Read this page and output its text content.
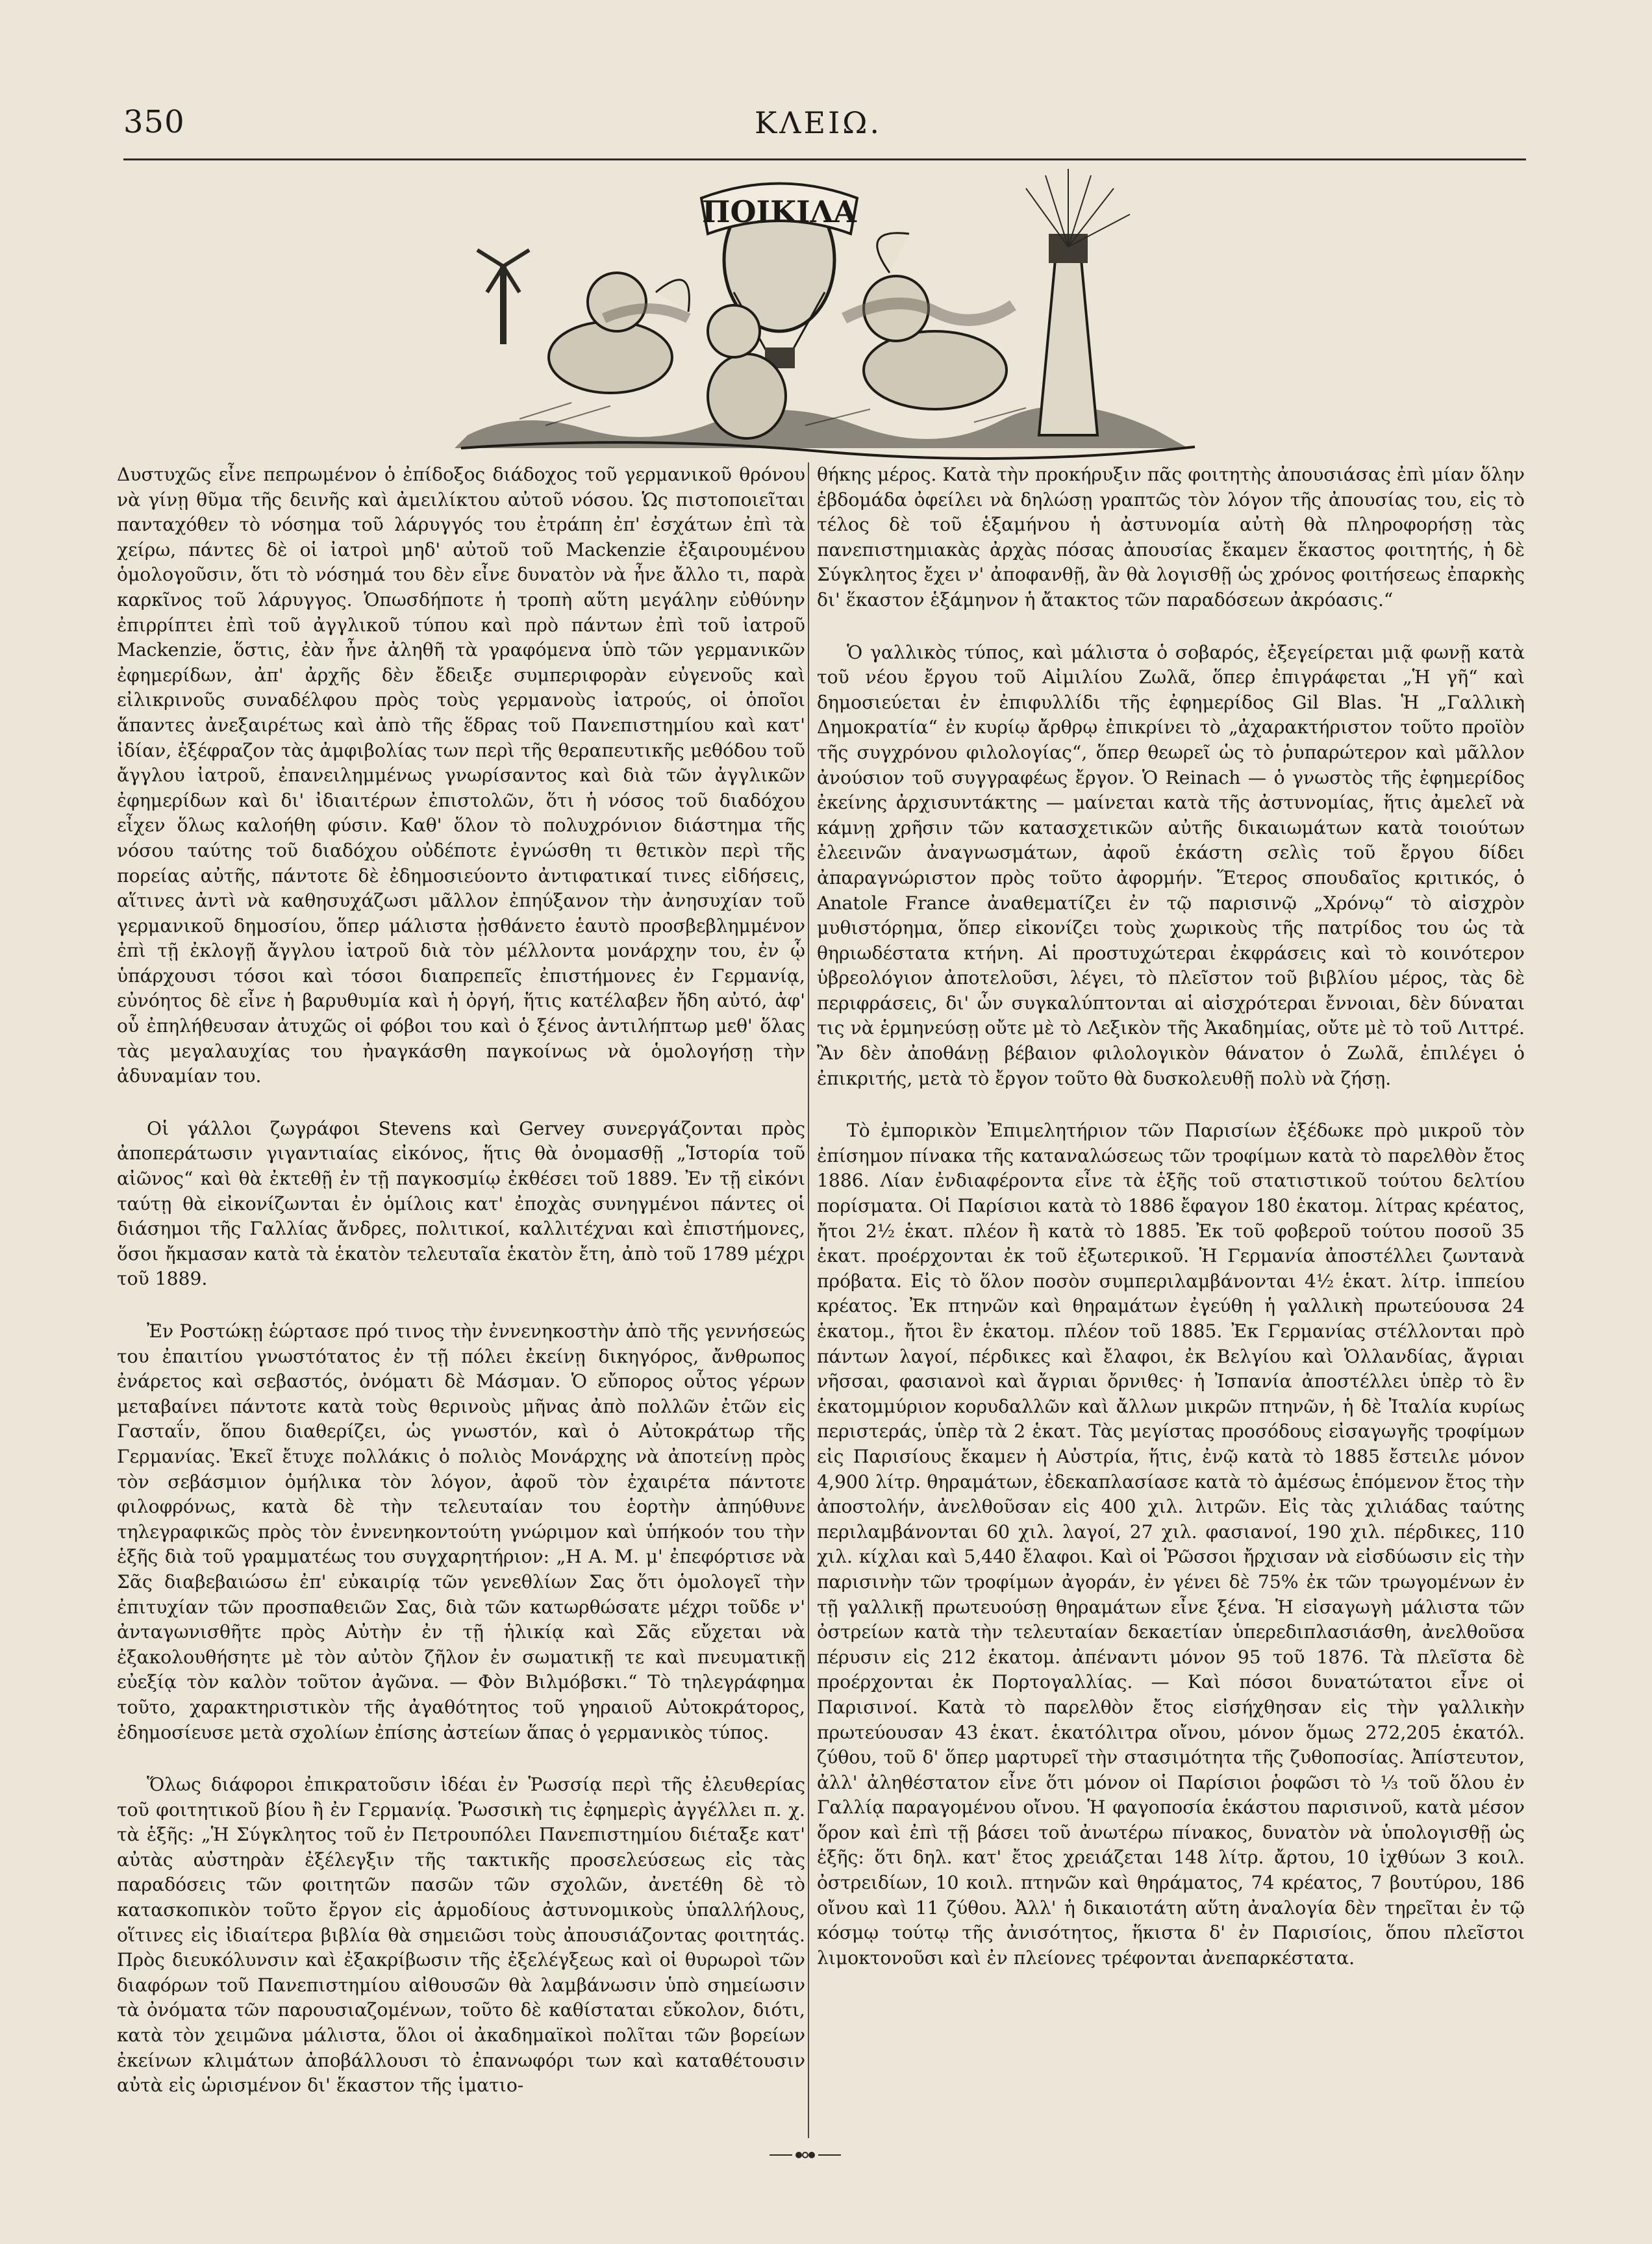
350	ΚΛΕΙΩ.
ΠΟΙΚΙΛΑ

Δυστυχῶς εἶνε πεπρωμένον ὁ ἐπίδοξος διάδοχος τοῦ γερμανικοῦ θρόνου νὰ γίνῃ θῦμα τῆς δεινῆς καὶ ἀμειλίκτου αὐτοῦ νόσου. Ὡς πιστοποιεῖται πανταχόθεν τὸ νόσημα τοῦ λάρυγγός του ἐτράπη ἐπ' ἐσχάτων ἐπὶ τὰ χείρω, πάντες δὲ οἱ ἰατροὶ μηδ' αὐτοῦ τοῦ Mackenzie ἐξαιρουμένου ὁμολογοῦσιν, ὅτι τὸ νόσημά του δὲν εἶνε δυνατὸν νὰ ἦνε ἄλλο τι, παρὰ καρκῖνος τοῦ λάρυγγος. Ὁπωσδήποτε ἡ τροπὴ αὕτη μεγάλην εὐθύνην ἐπιρρίπτει ἐπὶ τοῦ ἀγγλικοῦ τύπου καὶ πρὸ πάντων ἐπὶ τοῦ ἰατροῦ Mackenzie, ὅστις, ἐὰν ἦνε ἀληθῆ τὰ γραφόμενα ὑπὸ τῶν γερμανικῶν ἐφημερίδων, ἀπ' ἀρχῆς δὲν ἔδειξε συμπεριφορὰν εὐγενοῦς καὶ εἰλικρινοῦς συναδέλφου πρὸς τοὺς γερμανοὺς ἰατρούς, οἱ ὁποῖοι ἅπαντες ἀνεξαιρέτως καὶ ἀπὸ τῆς ἕδρας τοῦ Πανεπιστημίου καὶ κατ' ἰδίαν, ἐξέφραζον τὰς ἀμφιβολίας των περὶ τῆς θεραπευτικῆς μεθόδου τοῦ ἄγγλου ἰατροῦ, ἐπανειλημμένως γνωρίσαντος καὶ διὰ τῶν ἀγγλικῶν ἐφημερίδων καὶ δι' ἰδιαιτέρων ἐπιστολῶν, ὅτι ἡ νόσος τοῦ διαδόχου εἶχεν ὅλως καλοήθη φύσιν. Καθ' ὅλον τὸ πολυχρόνιον διάστημα τῆς νόσου ταύτης τοῦ διαδόχου οὐδέποτε ἐγνώσθη τι θετικὸν περὶ τῆς πορείας αὐτῆς, πάντοτε δὲ ἐδημοσιεύοντο ἀντιφατικαί τινες εἰδήσεις, αἵτινες ἀντὶ νὰ καθησυχάζωσι μᾶλλον ἐπηύξανον τὴν ἀνησυχίαν τοῦ γερμανικοῦ δημοσίου, ὅπερ μάλιστα ᾐσθάνετο ἑαυτὸ προσβεβλημμένον ἐπὶ τῇ ἐκλογῇ ἄγγλου ἰατροῦ διὰ τὸν μέλλοντα μονάρχην του, ἐν ᾧ ὑπάρχουσι τόσοι καὶ τόσοι διαπρεπεῖς ἐπιστήμονες ἐν Γερμανίᾳ, εὐνόητος δὲ εἶνε ἡ βαρυθυμία καὶ ἡ ὀργή, ἥτις κατέλαβεν ἤδη αὐτό, ἀφ' οὗ ἐπηλήθευσαν ἀτυχῶς οἱ φόβοι του καὶ ὁ ξένος ἀντιλήπτωρ μεθ' ὅλας τὰς μεγαλαυχίας του ἠναγκάσθη παγκοίνως νὰ ὁμολογήσῃ τὴν ἀδυναμίαν του.

Οἱ γάλλοι ζωγράφοι Stevens καὶ Gervey συνεργάζονται πρὸς ἀποπεράτωσιν γιγαντιαίας εἰκόνος, ἥτις θὰ ὀνομασθῇ „Ἱστορία τοῦ αἰῶνος“ καὶ θὰ ἐκτεθῇ ἐν τῇ παγκοσμίῳ ἐκθέσει τοῦ 1889. Ἐν τῇ εἰκόνι ταύτῃ θὰ εἰκονίζωνται ἐν ὁμίλοις κατ' ἐποχὰς συνηγμένοι πάντες οἱ διάσημοι τῆς Γαλλίας ἄνδρες, πολιτικοί, καλλιτέχναι καὶ ἐπιστήμονες, ὅσοι ἤκμασαν κατὰ τὰ ἑκατὸν τελευταῖα ἑκατὸν ἔτη, ἀπὸ τοῦ 1789 μέχρι τοῦ 1889.

Ἐν Ροστώκῃ ἑώρτασε πρό τινος τὴν ἐννενηκοστὴν ἀπὸ τῆς γεννήσεώς του ἐπαιτίου γνωστότατος ἐν τῇ πόλει ἐκείνῃ δικηγόρος, ἄνθρωπος ἐνάρετος καὶ σεβαστός, ὀνόματι δὲ Μάσμαν. Ὁ εὔπορος οὗτος γέρων μεταβαίνει πάντοτε κατὰ τοὺς θερινοὺς μῆνας ἀπὸ πολλῶν ἐτῶν εἰς Γασταΐν, ὅπου διαθερίζει, ὡς γνωστόν, καὶ ὁ Αὐτοκράτωρ τῆς Γερμανίας. Ἐκεῖ ἔτυχε πολλάκις ὁ πολιὸς Μονάρχης νὰ ἀποτείνῃ πρὸς τὸν σεβάσμιον ὁμήλικα τὸν λόγον, ἀφοῦ τὸν ἐχαιρέτα πάντοτε φιλοφρόνως, κατὰ δὲ τὴν τελευταίαν του ἑορτὴν ἀπηύθυνε τηλεγραφικῶς πρὸς τὸν ἐννενηκοντούτη γνώριμον καὶ ὑπήκοόν του τὴν ἑξῆς διὰ τοῦ γραμματέως του συγχαρητήριον: „Η Α. Μ. μ' ἐπεφόρτισε νὰ Σᾶς διαβεβαιώσω ἐπ' εὐκαιρίᾳ τῶν γενεθλίων Σας ὅτι ὁμολογεῖ τὴν ἐπιτυχίαν τῶν προσπαθειῶν Σας, διὰ τῶν κατωρθώσατε μέχρι τοῦδε ν' ἀνταγωνισθῆτε πρὸς Αὐτὴν ἐν τῇ ἡλικίᾳ καὶ Σᾶς εὔχεται νὰ ἐξακολουθήσητε μὲ τὸν αὐτὸν ζῆλον ἐν σωματικῇ τε καὶ πνευματικῇ εὐεξίᾳ τὸν καλὸν τοῦτον ἀγῶνα. — Φὸν Βιλμόβσκι.“ Τὸ τηλεγράφημα τοῦτο, χαρακτηριστικὸν τῆς ἀγαθότητος τοῦ γηραιοῦ Αὐτοκράτορος, ἐδημοσίευσε μετὰ σχολίων ἐπίσης ἀστείων ἅπας ὁ γερμανικὸς τύπος.

Ὅλως διάφοροι ἐπικρατοῦσιν ἰδέαι ἐν Ῥωσσίᾳ περὶ τῆς ἐλευθερίας τοῦ φοιτητικοῦ βίου ἢ ἐν Γερμανίᾳ. Ῥωσσικὴ τις ἐφημερὶς ἀγγέλλει π. χ. τὰ ἑξῆς: „Ἡ Σύγκλητος τοῦ ἐν Πετρουπόλει Πανεπιστημίου διέταξε κατ' αὐτὰς αὐστηρὰν ἐξέλεγξιν τῆς τακτικῆς προσελεύσεως εἰς τὰς παραδόσεις τῶν φοιτητῶν πασῶν τῶν σχολῶν, ἀνετέθη δὲ τὸ κατασκοπικὸν τοῦτο ἔργον εἰς ἁρμοδίους ἀστυνομικοὺς ὑπαλλήλους, οἵτινες εἰς ἰδιαίτερα βιβλία θὰ σημειῶσι τοὺς ἀπουσιάζοντας φοιτητάς. Πρὸς διευκόλυνσιν καὶ ἐξακρίβωσιν τῆς ἐξελέγξεως καὶ οἱ θυρωροὶ τῶν διαφόρων τοῦ Πανεπιστημίου αἰθουσῶν θὰ λαμβάνωσιν ὑπὸ σημείωσιν τὰ ὀνόματα τῶν παρουσιαζομένων, τοῦτο δὲ καθίσταται εὔκολον, διότι, κατὰ τὸν χειμῶνα μάλιστα, ὅλοι οἱ ἀκαδημαϊκοὶ πολῖται τῶν βορείων ἐκείνων κλιμάτων ἀποβάλλουσι τὸ ἐπανωφόρι των καὶ καταθέτουσιν αὐτὰ εἰς ὡρισμένον δι' ἕκαστον τῆς ἱματιο-

θήκης μέρος. Κατὰ τὴν προκήρυξιν πᾶς φοιτητὴς ἀπουσιάσας ἐπὶ μίαν ὅλην ἑβδομάδα ὀφείλει νὰ δηλώσῃ γραπτῶς τὸν λόγον τῆς ἀπουσίας του, εἰς τὸ τέλος δὲ τοῦ ἑξαμήνου ἡ ἀστυνομία αὐτὴ θὰ πληροφορήσῃ τὰς πανεπιστημιακὰς ἀρχὰς πόσας ἀπουσίας ἔκαμεν ἕκαστος φοιτητής, ἡ δὲ Σύγκλητος ἔχει ν' ἀποφανθῇ, ἂν θὰ λογισθῇ ὡς χρόνος φοιτήσεως ἐπαρκὴς δι' ἕκαστον ἑξάμηνον ἡ ἄτακτος τῶν παραδόσεων ἀκρόασις.“

Ὁ γαλλικὸς τύπος, καὶ μάλιστα ὁ σοβαρός, ἐξεγείρεται μιᾷ φωνῇ κατὰ τοῦ νέου ἔργου τοῦ Αἰμιλίου Ζωλᾶ, ὅπερ ἐπιγράφεται „Ἡ γῆ“ καὶ δημοσιεύεται ἐν ἐπιφυλλίδι τῆς ἐφημερίδος Gil Blas. Ἡ „Γαλλικὴ Δημοκρατία“ ἐν κυρίῳ ἄρθρῳ ἐπικρίνει τὸ „ἀχαρακτήριστον τοῦτο προϊὸν τῆς συγχρόνου φιλολογίας“, ὅπερ θεωρεῖ ὡς τὸ ῥυπαρώτερον καὶ μᾶλλον ἀνούσιον τοῦ συγγραφέως ἔργον. Ὁ Reinach — ὁ γνωστὸς τῆς ἐφημερίδος ἐκείνης ἀρχισυντάκτης — μαίνεται κατὰ τῆς ἀστυνομίας, ἥτις ἀμελεῖ νὰ κάμνῃ χρῆσιν τῶν κατασχετικῶν αὐτῆς δικαιωμάτων κατὰ τοιούτων ἐλεεινῶν ἀναγνωσμάτων, ἀφοῦ ἑκάστη σελὶς τοῦ ἔργου δίδει ἀπαραγνώριστον πρὸς τοῦτο ἀφορμήν. Ἕτερος σπουδαῖος κριτικός, ὁ Anatole France ἀναθεματίζει ἐν τῷ παρισινῷ „Χρόνῳ“ τὸ αἰσχρὸν μυθιστόρημα, ὅπερ εἰκονίζει τοὺς χωρικοὺς τῆς πατρίδος του ὡς τὰ θηριωδέστατα κτήνη. Αἱ προστυχώτεραι ἐκφράσεις καὶ τὸ κοινότερον ὑβρεολόγιον ἀποτελοῦσι, λέγει, τὸ πλεῖστον τοῦ βιβλίου μέρος, τὰς δὲ περιφράσεις, δι' ὧν συγκαλύπτονται αἱ αἰσχρότεραι ἔννοιαι, δὲν δύναται τις νὰ ἑρμηνεύσῃ οὔτε μὲ τὸ Λεξικὸν τῆς Ἀκαδημίας, οὔτε μὲ τὸ τοῦ Λιττρέ. Ἂν δὲν ἀποθάνῃ βέβαιον φιλολογικὸν θάνατον ὁ Ζωλᾶ, ἐπιλέγει ὁ ἐπικριτής, μετὰ τὸ ἔργον τοῦτο θὰ δυσκολευθῇ πολὺ νὰ ζήσῃ.

Τὸ ἐμπορικὸν Ἐπιμελητήριον τῶν Παρισίων ἐξέδωκε πρὸ μικροῦ τὸν ἐπίσημον πίνακα τῆς καταναλώσεως τῶν τροφίμων κατὰ τὸ παρελθὸν ἔτος 1886. Λίαν ἐνδιαφέροντα εἶνε τὰ ἑξῆς τοῦ στατιστικοῦ τούτου δελτίου πορίσματα. Οἱ Παρίσιοι κατὰ τὸ 1886 ἔφαγον 180 ἑκατομ. λίτρας κρέατος, ἤτοι 2½ ἑκατ. πλέον ἢ κατὰ τὸ 1885. Ἐκ τοῦ φοβεροῦ τούτου ποσοῦ 35 ἑκατ. προέρχονται ἐκ τοῦ ἐξωτερικοῦ. Ἡ Γερμανία ἀποστέλλει ζωντανὰ πρόβατα. Εἰς τὸ ὅλον ποσὸν συμπεριλαμβάνονται 4½ ἑκατ. λίτρ. ἱππείου κρέατος. Ἐκ πτηνῶν καὶ θηραμάτων ἐγεύθη ἡ γαλλικὴ πρωτεύουσα 24 ἑκατομ., ἤτοι ἓν ἑκατομ. πλέον τοῦ 1885. Ἐκ Γερμανίας στέλλονται πρὸ πάντων λαγοί, πέρδικες καὶ ἔλαφοι, ἐκ Βελγίου καὶ Ὁλλανδίας, ἄγριαι νῆσσαι, φασιανοὶ καὶ ἄγριαι ὄρνιθες· ἡ Ἰσπανία ἀποστέλλει ὑπὲρ τὸ ἓν ἑκατομμύριον κορυδαλλῶν καὶ ἄλλων μικρῶν πτηνῶν, ἡ δὲ Ἰταλία κυρίως περιστεράς, ὑπὲρ τὰ 2 ἑκατ. Τὰς μεγίστας προσόδους εἰσαγωγῆς τροφίμων εἰς Παρισίους ἔκαμεν ἡ Αὐστρία, ἥτις, ἐνῷ κατὰ τὸ 1885 ἔστειλε μόνον 4,900 λίτρ. θηραμάτων, ἐδεκαπλασίασε κατὰ τὸ ἀμέσως ἑπόμενον ἔτος τὴν ἀποστολήν, ἀνελθοῦσαν εἰς 400 χιλ. λιτρῶν. Εἰς τὰς χιλιάδας ταύτης περιλαμβάνονται 60 χιλ. λαγοί, 27 χιλ. φασιανοί, 190 χιλ. πέρδικες, 110 χιλ. κίχλαι καὶ 5,440 ἔλαφοι. Καὶ οἱ Ῥῶσσοι ἤρχισαν νὰ εἰσδύωσιν εἰς τὴν παρισινὴν τῶν τροφίμων ἀγοράν, ἐν γένει δὲ 75% ἐκ τῶν τρωγομένων ἐν τῇ γαλλικῇ πρωτευούσῃ θηραμάτων εἶνε ξένα. Ἡ εἰσαγωγὴ μάλιστα τῶν ὀστρείων κατὰ τὴν τελευταίαν δεκαετίαν ὑπερεδιπλασιάσθη, ἀνελθοῦσα πέρυσιν εἰς 212 ἑκατομ. ἀπέναντι μόνον 95 τοῦ 1876. Τὰ πλεῖστα δὲ προέρχονται ἐκ Πορτογαλλίας. — Καὶ πόσοι δυνατώτατοι εἶνε οἱ Παρισινοί. Κατὰ τὸ παρελθὸν ἔτος εἰσήχθησαν εἰς τὴν γαλλικὴν πρωτεύουσαν 43 ἑκατ. ἑκατόλιτρα οἴνου, μόνον ὅμως 272,205 ἑκατόλ. ζύθου, τοῦ δ' ὅπερ μαρτυρεῖ τὴν στασιμότητα τῆς ζυθοποσίας. Ἀπίστευτον, ἀλλ' ἀληθέστατον εἶνε ὅτι μόνον οἱ Παρίσιοι ῥοφῶσι τὸ ⅓ τοῦ ὅλου ἐν Γαλλίᾳ παραγομένου οἴνου. Ἡ φαγοποσία ἑκάστου παρισινοῦ, κατὰ μέσον ὅρον καὶ ἐπὶ τῇ βάσει τοῦ ἀνωτέρω πίνακος, δυνατὸν νὰ ὑπολογισθῇ ὡς ἑξῆς: ὅτι δηλ. κατ' ἔτος χρειάζεται 148 λίτρ. ἄρτου, 10 ἰχθύων 3 κοιλ. ὀστρειδίων, 10 κοιλ. πτηνῶν καὶ θηράματος, 74 κρέατος, 7 βουτύρου, 186 οἴνου καὶ 11 ζύθου. Ἀλλ' ἡ δικαιοτάτη αὕτη ἀναλογία δὲν τηρεῖται ἐν τῷ κόσμῳ τούτῳ τῆς ἀνισότητος, ἥκιστα δ' ἐν Παρισίοις, ὅπου πλεῖστοι λιμοκτονοῦσι καὶ ἐν πλείονες τρέφονται ἀνεπαρκέστατα.
